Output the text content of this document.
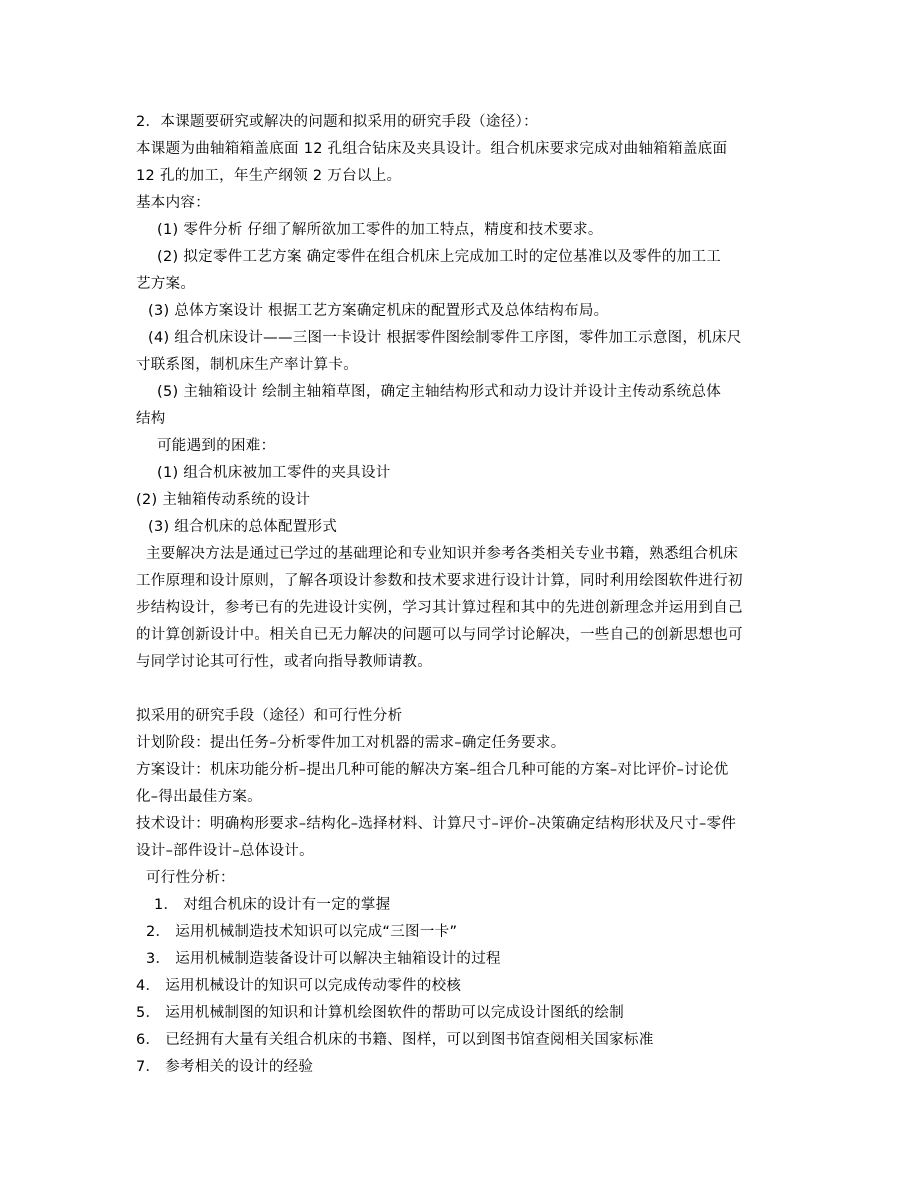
2．本课题要研究或解决的问题和拟采用的研究手段（途径）：
本课题为曲轴箱箱盖底面 12 孔组合钻床及夹具设计。组合机床要求完成对曲轴箱箱盖底面
12 孔的加工，年生产纲领 2 万台以上。
基本内容：
(1) 零件分析 仔细了解所欲加工零件的加工特点，精度和技术要求。
(2) 拟定零件工艺方案 确定零件在组合机床上完成加工时的定位基准以及零件的加工工
艺方案。
(3) 总体方案设计 根据工艺方案确定机床的配置形式及总体结构布局。
(4) 组合机床设计——三图一卡设计 根据零件图绘制零件工序图，零件加工示意图，机床尺
寸联系图，制机床生产率计算卡。
(5) 主轴箱设计 绘制主轴箱草图，确定主轴结构形式和动力设计并设计主传动系统总体
结构
可能遇到的困难：
(1) 组合机床被加工零件的夹具设计
(2) 主轴箱传动系统的设计
(3) 组合机床的总体配置形式
主要解决方法是通过已学过的基础理论和专业知识并参考各类相关专业书籍，熟悉组合机床
工作原理和设计原则，了解各项设计参数和技术要求进行设计计算，同时利用绘图软件进行初
步结构设计，参考已有的先进设计实例，学习其计算过程和其中的先进创新理念并运用到自己
的计算创新设计中。相关自已无力解决的问题可以与同学讨论解决，一些自己的创新思想也可
与同学讨论其可行性，或者向指导教师请教。
拟采用的研究手段（途径）和可行性分析
计划阶段：提出任务–分析零件加工对机器的需求–确定任务要求。
方案设计：机床功能分析–提出几种可能的解决方案–组合几种可能的方案–对比评价–讨论优
化–得出最佳方案。
技术设计：明确构形要求–结构化–选择材料、计算尺寸–评价–决策确定结构形状及尺寸–零件
设计–部件设计–总体设计。
可行性分析：
1． 对组合机床的设计有一定的掌握
2． 运用机械制造技术知识可以完成“三图一卡”
3． 运用机械制造装备设计可以解决主轴箱设计的过程
4． 运用机械设计的知识可以完成传动零件的校核
5． 运用机械制图的知识和计算机绘图软件的帮助可以完成设计图纸的绘制
6． 已经拥有大量有关组合机床的书籍、图样，可以到图书馆查阅相关国家标准
7． 参考相关的设计的经验
